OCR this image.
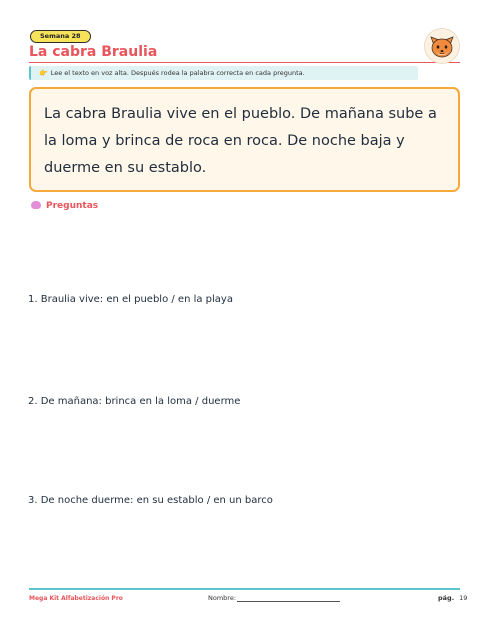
Semana 28
La cabra Braulia
👉 Lee el texto en voz alta. Después rodea la palabra correcta en cada pregunta.
La cabra Braulia vive en el pueblo. De mañana sube a la loma y brinca de roca en roca. De noche baja y duerme en su establo.
Preguntas
1. Braulia vive: en el pueblo / en la playa
2. De mañana: brinca en la loma / duerme
3. De noche duerme: en su establo / en un barco
Mega Kit Alfabetización Pro	Nombre:	pág. 19
